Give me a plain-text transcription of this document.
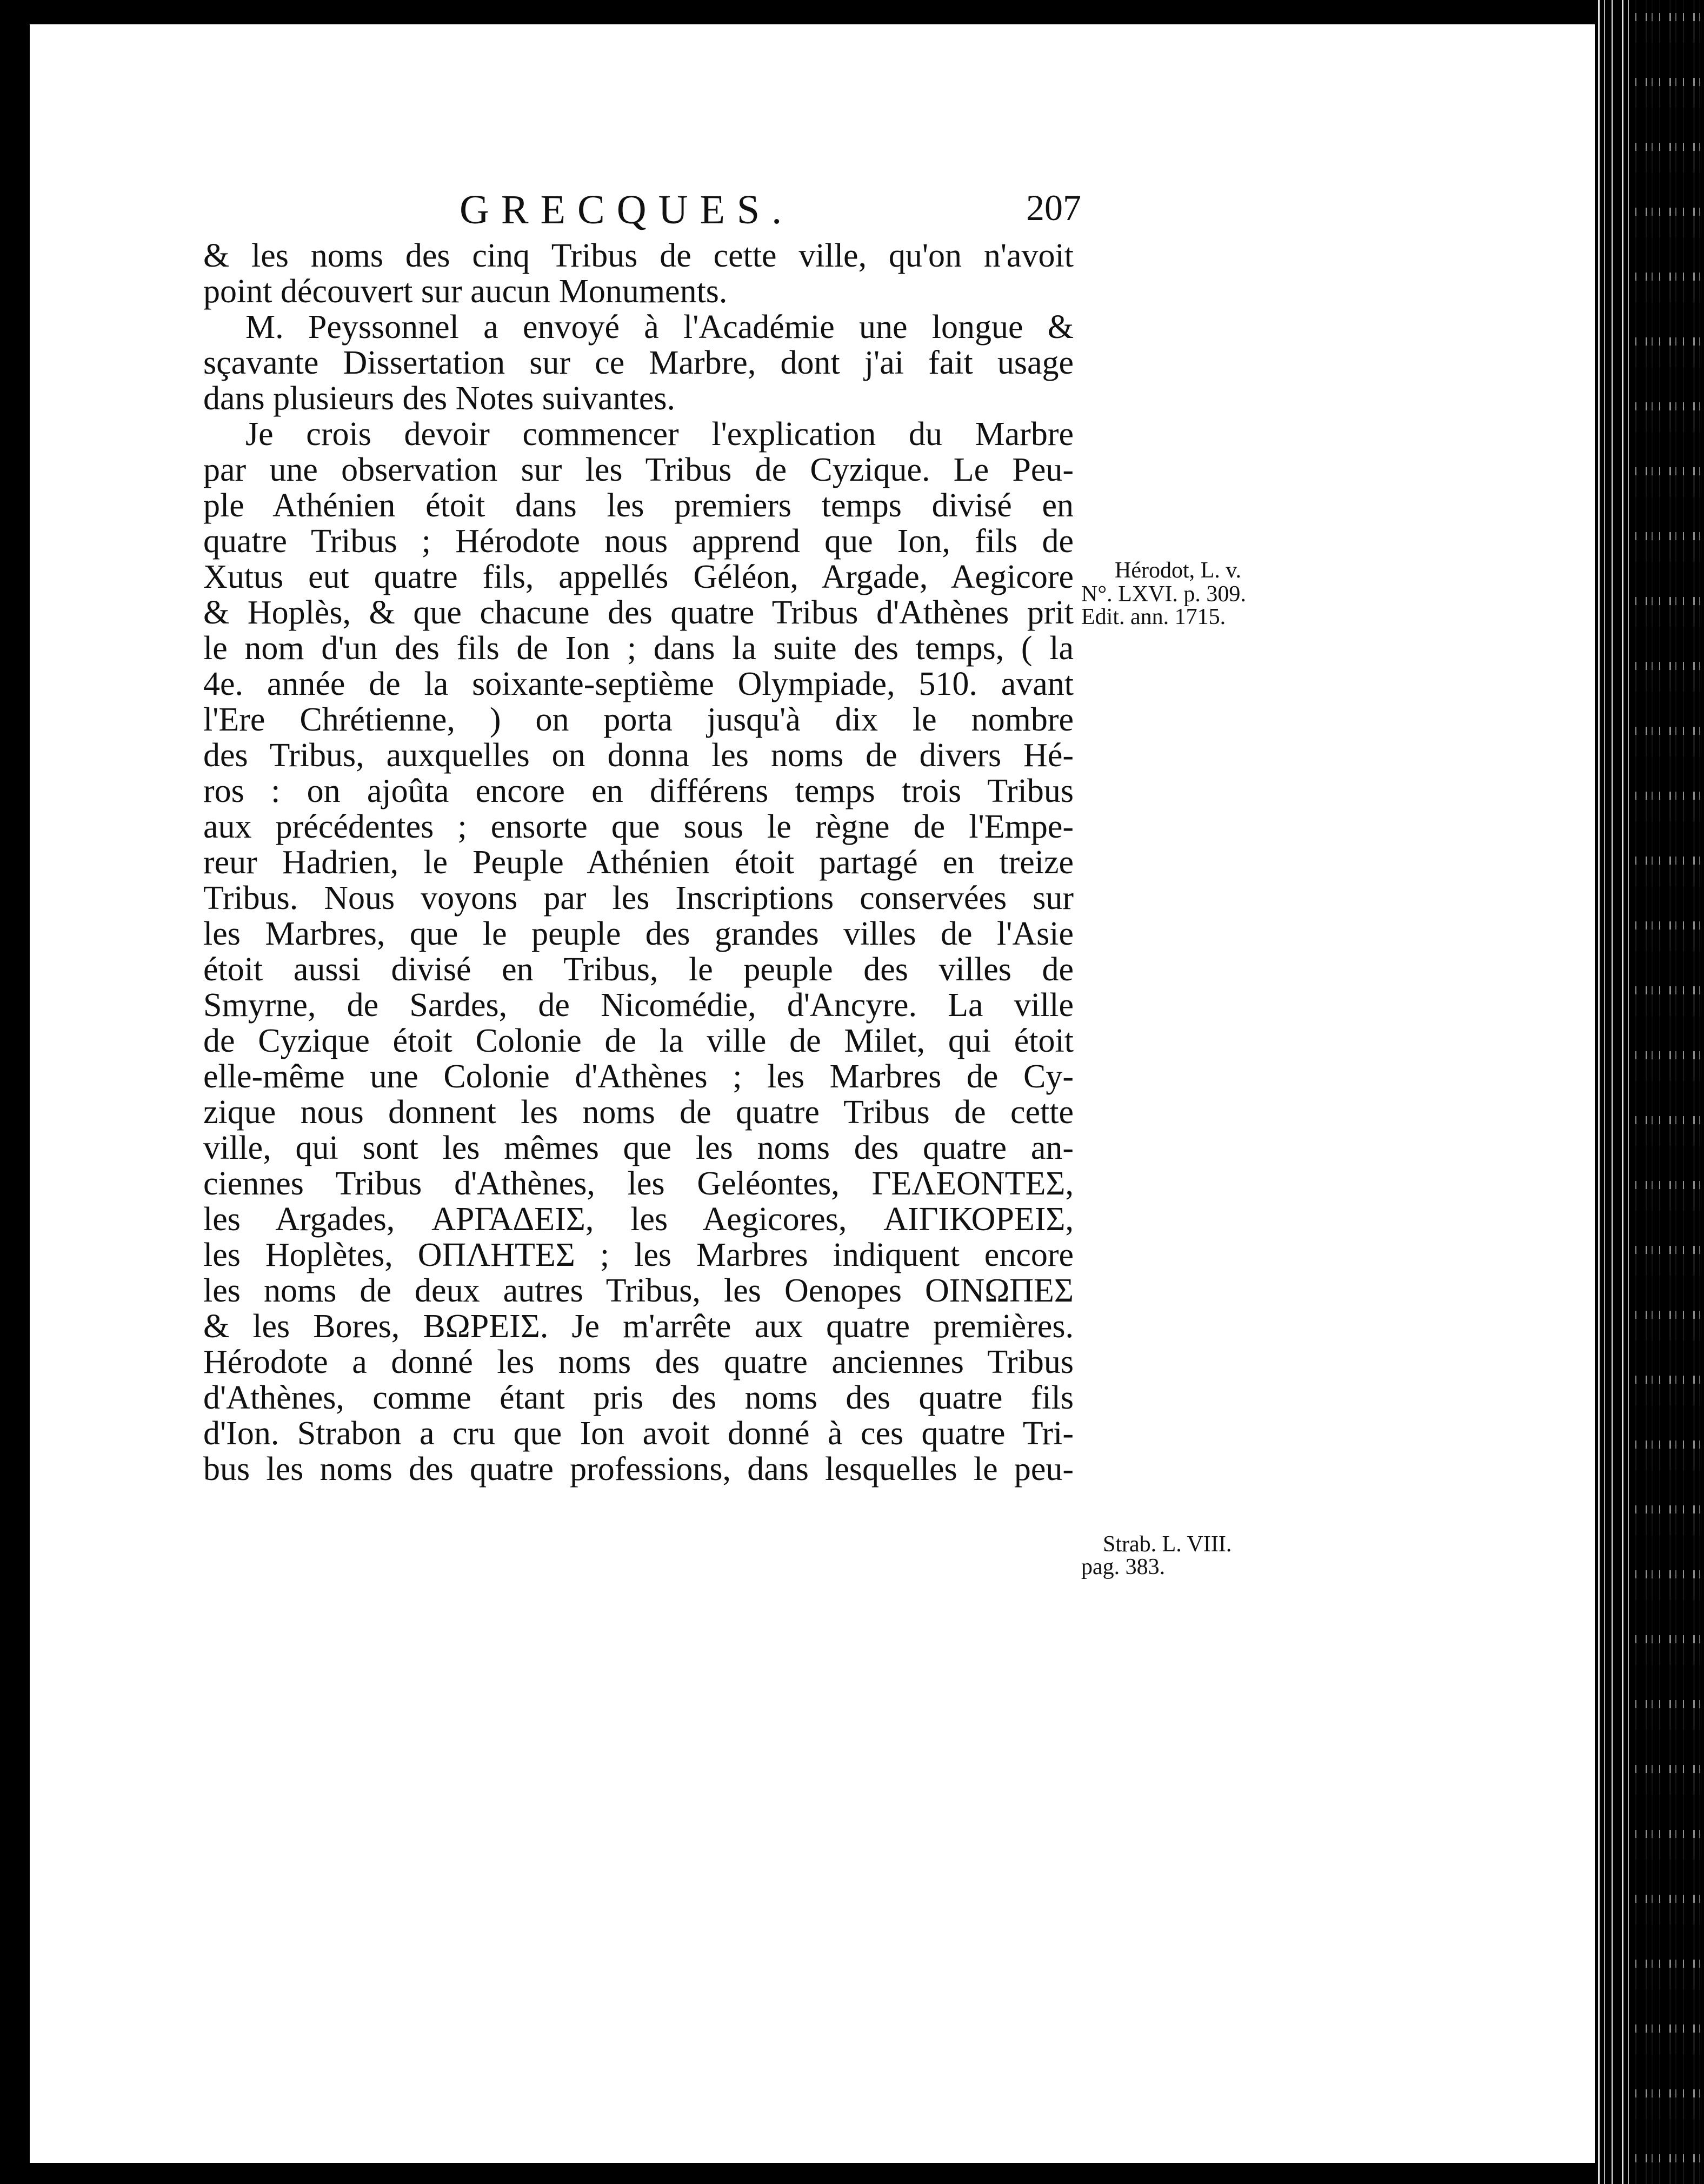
GRECQUES.	207
& les noms des cinq Tribus de cette ville, qu'on n'avoit
point découvert sur aucun Monuments.
M. Peyssonnel a envoyé à l'Académie une longue &
sçavante Dissertation sur ce Marbre, dont j'ai fait usage
dans plusieurs des Notes suivantes.
Je crois devoir commencer l'explication du Marbre
par une observation sur les Tribus de Cyzique. Le Peu-
ple Athénien étoit dans les premiers temps divisé en
quatre Tribus ; Hérodote nous apprend que Ion, fils de
Xutus eut quatre fils, appellés Géléon, Argade, Aegicore
& Hoplès, & que chacune des quatre Tribus d'Athènes prit
le nom d'un des fils de Ion ; dans la suite des temps, ( la
4e. année de la soixante-septième Olympiade, 510. avant
l'Ere Chrétienne, ) on porta jusqu'à dix le nombre
des Tribus, auxquelles on donna les noms de divers Hé-
ros : on ajoûta encore en différens temps trois Tribus
aux précédentes ; ensorte que sous le règne de l'Empe-
reur Hadrien, le Peuple Athénien étoit partagé en treize
Tribus. Nous voyons par les Inscriptions conservées sur
les Marbres, que le peuple des grandes villes de l'Asie
étoit aussi divisé en Tribus, le peuple des villes de
Smyrne, de Sardes, de Nicomédie, d'Ancyre. La ville
de Cyzique étoit Colonie de la ville de Milet, qui étoit
elle-même une Colonie d'Athènes ; les Marbres de Cy-
zique nous donnent les noms de quatre Tribus de cette
ville, qui sont les mêmes que les noms des quatre an-
ciennes Tribus d'Athènes, les Geléontes, ΓΕΛΕΟΝΤΕΣ,
les Argades, ΑΡΓΑΔΕΙΣ, les Aegicores, ΑΙΓΙΚΟΡΕΙΣ,
les Hoplètes, ΟΠΛΗΤΕΣ ; les Marbres indiquent encore
les noms de deux autres Tribus, les Oenopes ΟΙΝΩΠΕΣ
& les Bores, ΒΩΡΕΙΣ. Je m'arrête aux quatre premières.
Hérodote a donné les noms des quatre anciennes Tribus
d'Athènes, comme étant pris des noms des quatre fils
d'Ion. Strabon a cru que Ion avoit donné à ces quatre Tri-
bus les noms des quatre professions, dans lesquelles le peu-
Hérodot, L. v.
N°. LXVI. p. 309.
Edit. ann. 1715.
Strab. L. VIII.
pag. 383.
